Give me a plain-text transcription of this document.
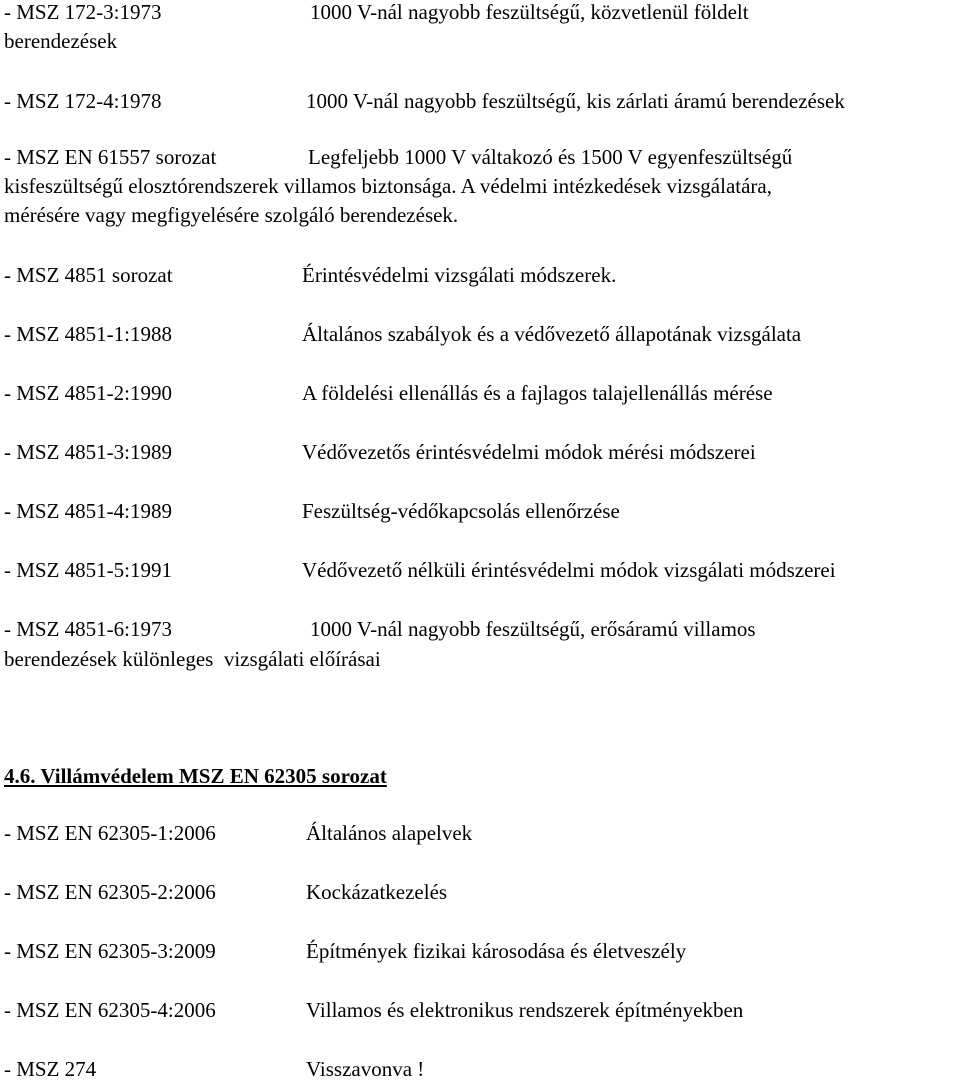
- MSZ 172-3:1973	1000 V-nál nagyobb feszültségű, közvetlenül földelt
berendezések
- MSZ 172-4:1978	1000 V-nál nagyobb feszültségű, kis zárlati áramú berendezések
- MSZ EN 61557 sorozat	Legfeljebb 1000 V váltakozó és 1500 V egyenfeszültségű
kisfeszültségű elosztórendszerek villamos biztonsága. A védelmi intézkedések vizsgálatára,
mérésére vagy megfigyelésére szolgáló berendezések.
- MSZ 4851 sorozat	Érintésvédelmi vizsgálati módszerek.
- MSZ 4851-1:1988	Általános szabályok és a védővezető állapotának vizsgálata
- MSZ 4851-2:1990	A földelési ellenállás és a fajlagos talajellenállás mérése
- MSZ 4851-3:1989	Védővezetős érintésvédelmi módok mérési módszerei
- MSZ 4851-4:1989	Feszültség-védőkapcsolás ellenőrzése
- MSZ 4851-5:1991	Védővezető nélküli érintésvédelmi módok vizsgálati módszerei
- MSZ 4851-6:1973	1000 V-nál nagyobb feszültségű, erősáramú villamos
berendezések különleges  vizsgálati előírásai
4.6. Villámvédelem MSZ EN 62305 sorozat
- MSZ EN 62305-1:2006	Általános alapelvek
- MSZ EN 62305-2:2006	Kockázatkezelés
- MSZ EN 62305-3:2009	Építmények fizikai károsodása és életveszély
- MSZ EN 62305-4:2006	Villamos és elektronikus rendszerek építményekben
- MSZ 274	Visszavonva !
